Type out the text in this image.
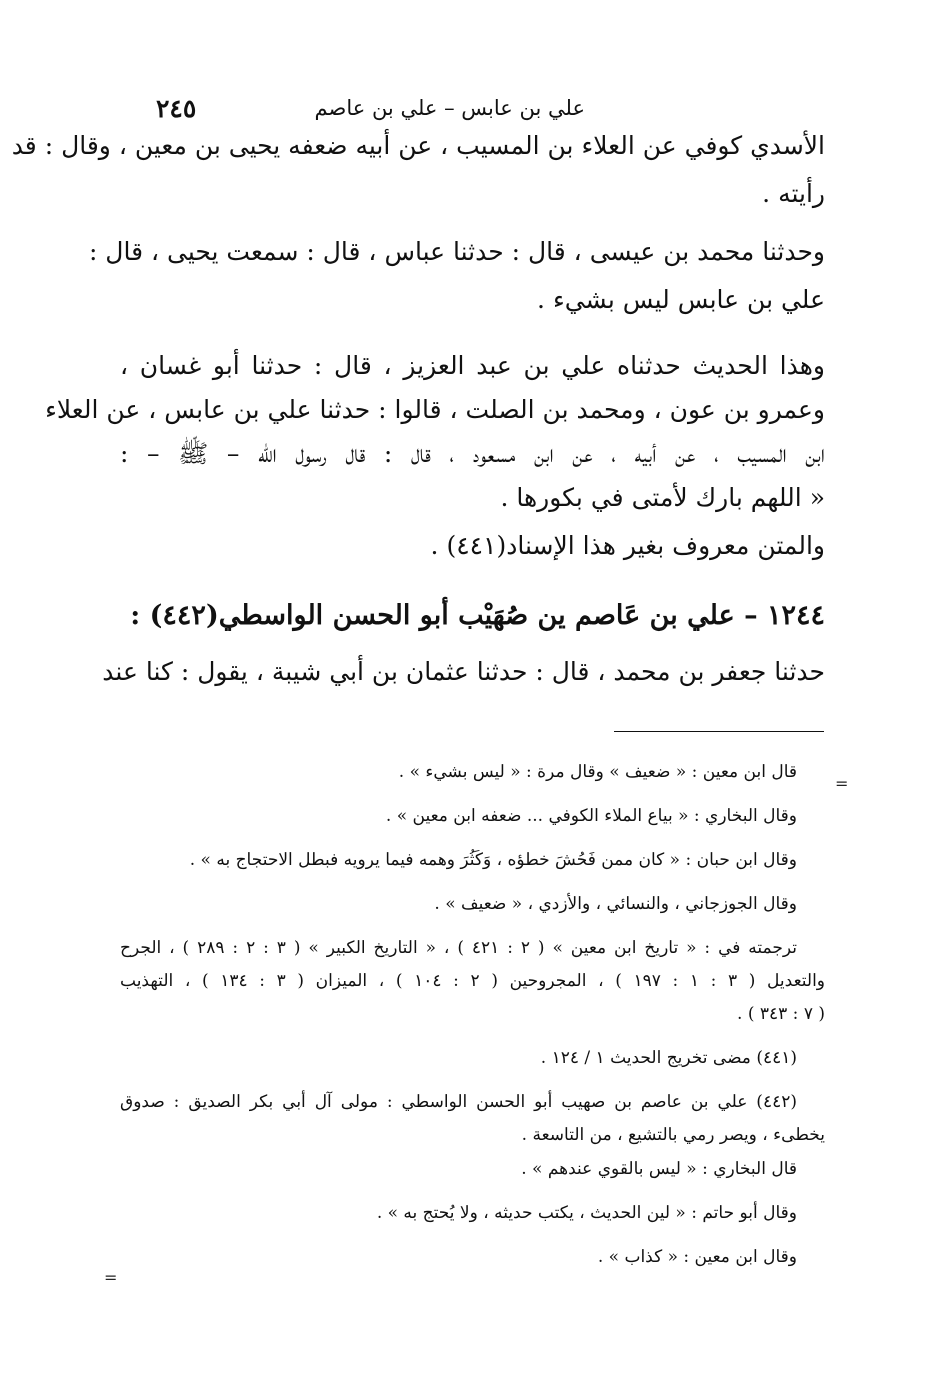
٢٤٥	علي بن عابس – علي بن عاصم
الأسدي كوفي عن العلاء بن المسيب ، عن أبيه ضعفه يحيى بن معين ، وقال : قد
رأيته .
وحدثنا محمد بن عيسى ، قال : حدثنا عباس ، قال : سمعت يحيى ، قال :
علي بن عابس ليس بشيء .
وهذا الحديث حدثناه علي بن عبد العزيز ، قال : حدثنا أبو غسان ،
وعمرو بن عون ، ومحمد بن الصلت ، قالوا : حدثنا علي بن عابس ، عن العلاء
ابن المسيب ، عن أبيه ، عن ابن مسعود ، قال : قال رسول الله – ﷺ – :
« اللهم بارك لأمتى في بكورها .
والمتن معروف بغير هذا الإسناد(٤٤١) .
١٢٤٤ – علي بن عَاصم ين صُهَيْب أبو الحسن الواسطي(٤٤٢) :
حدثنا جعفر بن محمد ، قال : حدثنا عثمان بن أبي شيبة ، يقول : كنا عند
قال ابن معين : « ضعيف » وقال مرة : « ليس بشيء » .
وقال البخاري : « بياع الملاء الكوفي ... ضعفه ابن معين » .
وقال ابن حبان : « كان ممن فَحُشَ خطؤه ، وَكَثُرَ وهمه فيما يرويه فبطل الاحتجاج به » .
وقال الجوزجاني ، والنسائي ، والأزدي ، « ضعيف » .
ترجمته في : « تاريخ ابن معين » ( ٢ : ٤٢١ ) ، « التاريخ الكبير » ( ٣ : ٢ : ٢٨٩ ) ، الجرح
والتعديل ( ٣ : ١ : ١٩٧ ) ، المجروحين ( ٢ : ١٠٤ ) ، الميزان ( ٣ : ١٣٤ ) ، التهذيب
( ٧ : ٣٤٣ ) .
(٤٤١) مضى تخريج الحديث ١ / ١٢٤ .
(٤٤٢) علي بن عاصم بن صهيب أبو الحسن الواسطي : مولى آل أبي بكر الصديق : صدوق
يخطىء ، ويصر رمي بالتشيع ، من التاسعة .
قال البخاري : « ليس بالقوي عندهم » .
وقال أبو حاتم : « لين الحديث ، يكتب حديثه ، ولا يُحتج به » .
وقال ابن معين : « كذاب » .
=
=
